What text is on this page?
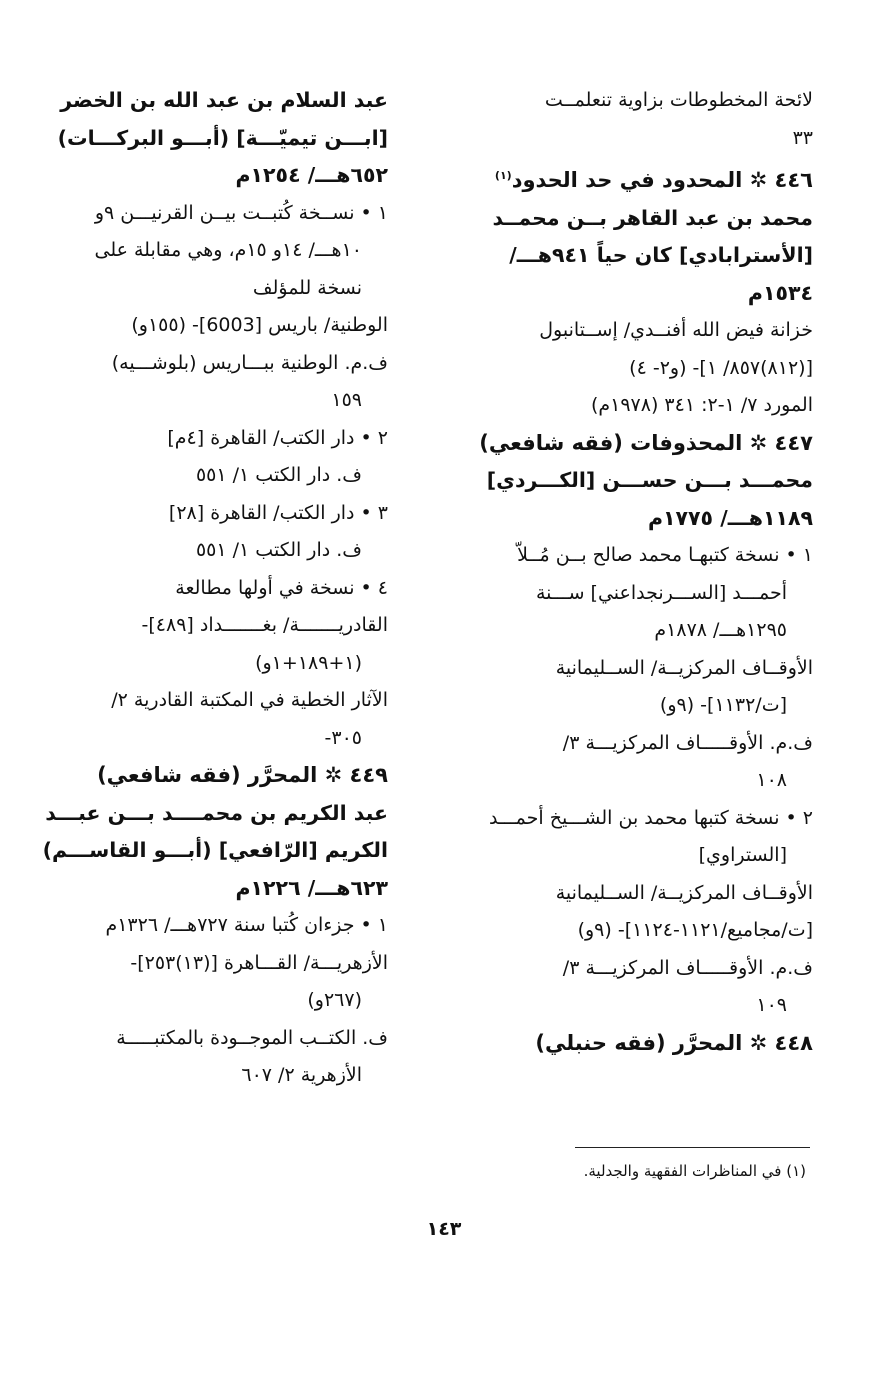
لائحة المخطوطات بزاوية تنعلمــت
٣٣
٤٤٦ ✲ المحدود في حد الحدود$^{(١)}$
محمد بن عبد القاهر بــن محمــد
[الأسترابادي] كان حياً ٩٤١هـــ/
١٥٣٤م
خزانة فيض الله أفنــدي/ إســتانبول
[(٨١٢)٨٥٧/ ١]- (و٢- ٤)
المورد ٧/ ١-٢: ٣٤١ (١٩٧٨م)
٤٤٧ ✲ المحذوفات (فقه شافعي)
محمـــد بـــن حســـن [الكـــردي]
١١٨٩هـــ/ ١٧٧٥م
١ • نسخة كتبهـا محمد صالح بــن مُــلاّ
أحمـــد [الســـرنجداعني] ســـنة
١٢٩٥هـــ/ ١٨٧٨م
الأوقــاف المركزيــة/ الســليمانية
[ت/١١٣٢]- (٩و)
ف.م. الأوقـــــاف المركزيـــة ٣/
١٠٨
٢ • نسخة كتبها محمد بن الشـــيخ أحمـــد
[الستراوي]
الأوقــاف المركزيــة/ الســليمانية
[ت/مجاميع/١١٢١-١١٢٤]- (٩و)
ف.م. الأوقـــــاف المركزيـــة ٣/
١٠٩
٤٤٨ ✲ المحرَّر (فقه حنبلي)
عبد السلام بن عبد الله بن الخضر
[ابـــن تيميّـــة] (أبـــو البركـــات)
٦٥٢هـــ/ ١٢٥٤م
١ • نســخة كُتبــت بيــن القرنيـــن ٩و
١٠هـــ/ ١٤و ١٥م، وهي مقابلة على
نسخة للمؤلف
الوطنية/ باريس [6003]- (١٥٥و)
ف.م. الوطنية ببـــاريس (بلوشـــيه)
١٥٩
٢ • دار الكتب/ القاهرة [٤م]
ف. دار الكتب ١/ ٥٥١
٣ • دار الكتب/ القاهرة [٢٨]
ف. دار الكتب ١/ ٥٥١
٤ • نسخة في أولها مطالعة
القادريـــــــة/ بغـــــــداد [٤٨٩]-
(١+١٨٩+١و)
الآثار الخطية في المكتبة القادرية ٢/
٣٠٥-
٤٤٩ ✲ المحرَّر (فقه شافعي)
عبد الكريم بن محمــــد بـــن عبـــد
الكريم [الرّافعي] (أبـــو القاســـم)
٦٢٣هـــ/ ١٢٢٦م
١ • جزءان كُتبا سنة ٧٢٧هـــ/ ١٣٢٦م
الأزهريـــة/ القـــاهرة [(١٣)٢٥٣]-
(٢٦٧و)
ف. الكتــب الموجــودة بالمكتبـــــة
الأزهرية ٢/ ٦٠٧
(١) في المناظرات الفقهية والجدلية.
١٤٣
